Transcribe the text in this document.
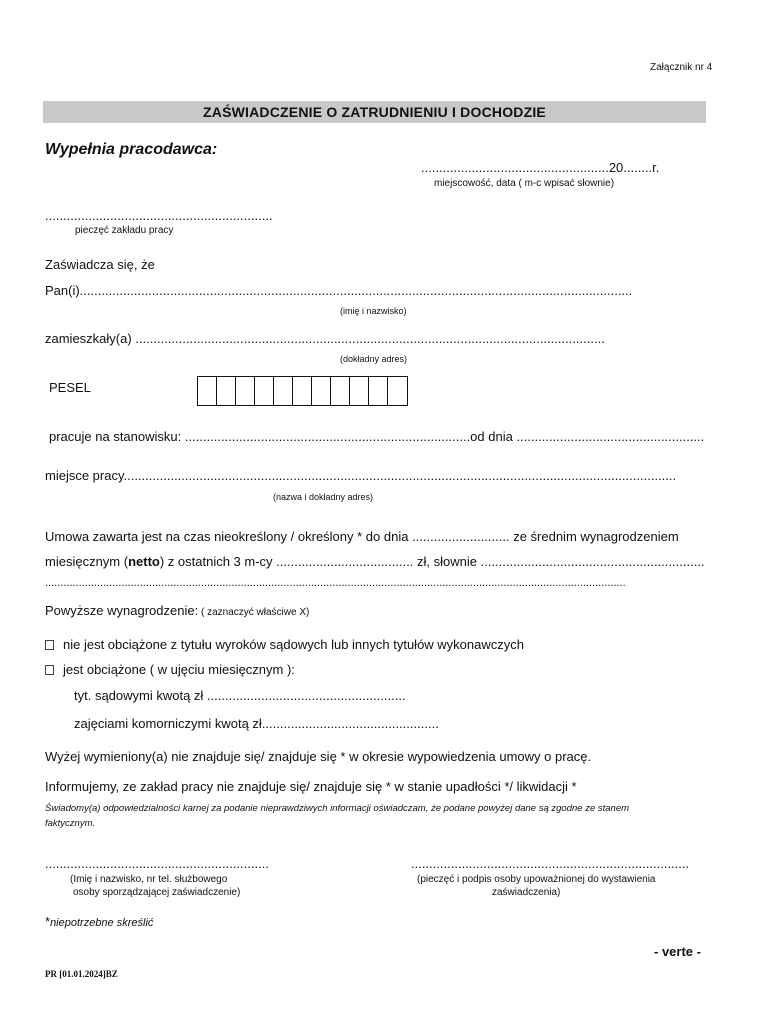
Załącznik nr 4
ZAŚWIADCZENIE O ZATRUDNIENIU I DOCHODZIE
Wypełnia pracodawca:
....................................................20........r.
miejscowość, data ( m-c wpisać słownie)
...............................................................
pieczęć zakładu pracy
Zaświadcza się, że
Pan(i).........................................................................................................................................................
(imię i nazwisko)
zamieszkały(a) ..................................................................................................................................
(dokładny adres)
PESEL
pracuje na stanowisku: ...............................................................................od dnia ....................................................
miejsce pracy.........................................................................................................................................................
(nazwa i dokładny adres)
Umowa zawarta jest na czas nieokreślony / określony * do dnia ........................... ze średnim wynagrodzeniem
miesięcznym (netto) z ostatnich 3 m-cy ...................................... zł, słownie ..............................................................
..............................................................................................................................................................................................
Powyższe wynagrodzenie: ( zaznaczyć właściwe X)
nie jest obciążone z tytułu wyroków sądowych lub innych tytułów wykonawczych
jest obciążone ( w ujęciu miesięcznym ):
tyt. sądowymi kwotą zł .......................................................
zajęciami komorniczymi kwotą zł.................................................
Wyżej wymieniony(a) nie znajduje się/ znajduje się * w okresie wypowiedzenia umowy o pracę.
Informujemy, ze zakład pracy nie znajduje się/ znajduje się * w stanie upadłości */ likwidacji *
Świadomy(a) odpowiedzialności karnej za podanie nieprawdziwych informacji oświadczam, że podane powyżej dane są zgodne ze stanem
faktycznym.
..............................................................
(Imię i nazwisko, nr tel. służbowego
osoby sporządzającej zaświadczenie)
.............................................................................
(pieczęć i podpis osoby upoważnionej do wystawienia
zaświadczenia)
*niepotrzebne skreślić
- verte -
PR [01.01.2024]BZ
